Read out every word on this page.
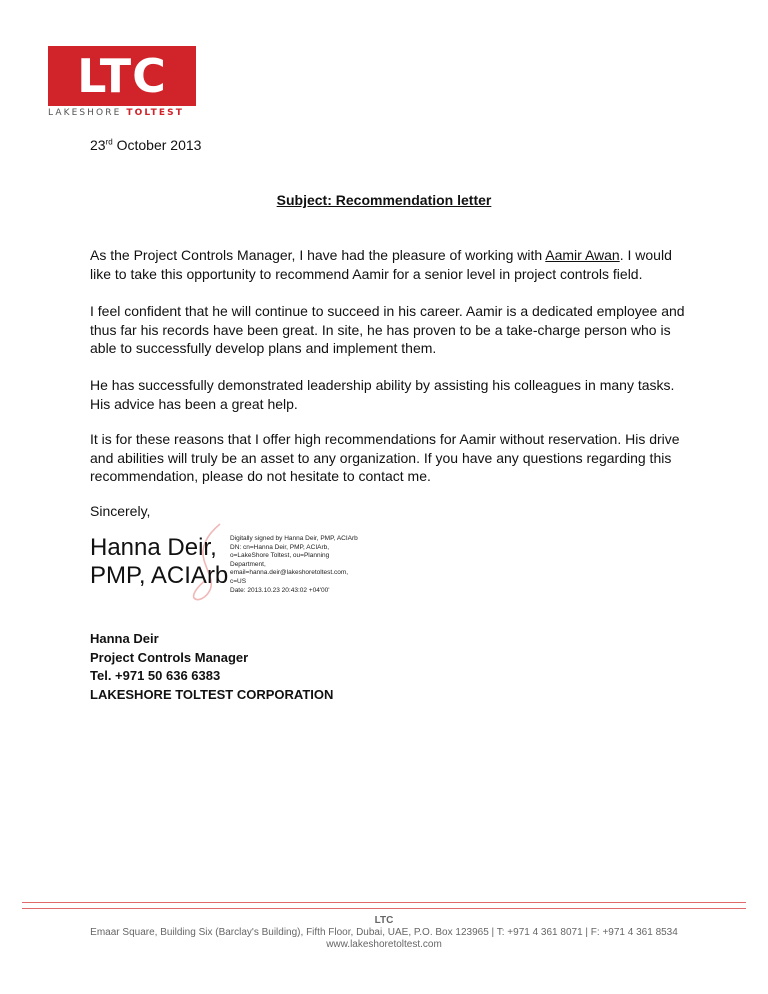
LTC
LAKESHORE TOLTEST
23rd October 2013
Subject: Recommendation letter

As the Project Controls Manager, I have had the pleasure of working with Aamir Awan. I would like to take this opportunity to recommend Aamir for a senior level in project controls field.

I feel confident that he will continue to succeed in his career. Aamir is a dedicated employee and thus far his records have been great. In site, he has proven to be a take-charge person who is able to successfully develop plans and implement them.

He has successfully demonstrated leadership ability by assisting his colleagues in many tasks. His advice has been a great help.

It is for these reasons that I offer high recommendations for Aamir without reservation. His drive and abilities will truly be an asset to any organization. If you have any questions regarding this recommendation, please do not hesitate to contact me.

Sincerely,
Hanna Deir,
PMP, ACIArb
Digitally signed by Hanna Deir, PMP, ACIArb
DN: cn=Hanna Deir, PMP, ACIArb,
o=LakeShore Toltest, ou=Planning
Department,
email=hanna.deir@lakeshoretoltest.com,
c=US
Date: 2013.10.23 20:43:02 +04'00'
Hanna Deir
Project Controls Manager
Tel. +971 50 636 6383
LAKESHORE TOLTEST CORPORATION
LTC
Emaar Square, Building Six (Barclay's Building), Fifth Floor, Dubai, UAE, P.O. Box 123965 | T: +971 4 361 8071 | F: +971 4 361 8534
www.lakeshoretoltest.com
